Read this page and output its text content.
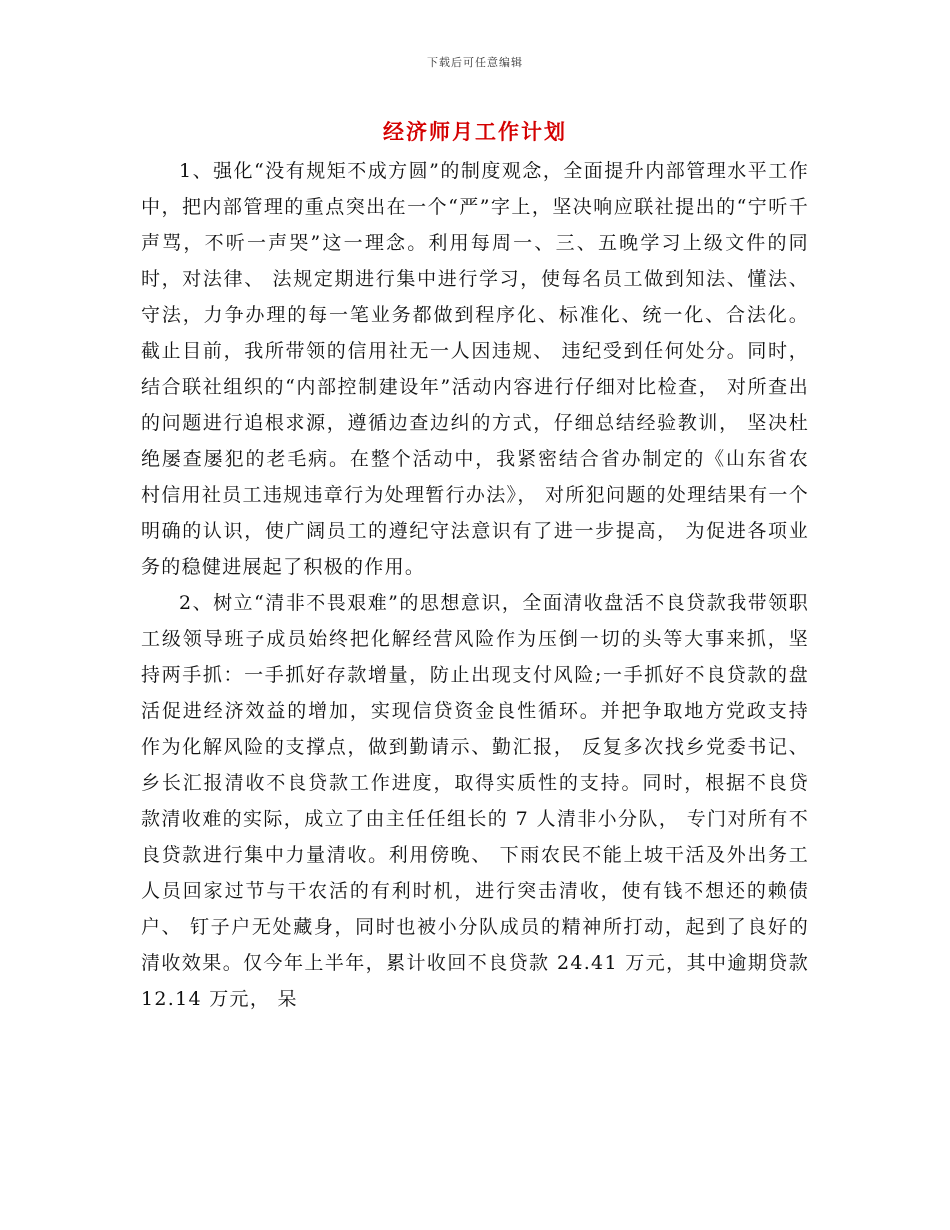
下载后可任意编辑
经济师月工作计划

1、强化“没有规矩不成方圆”的制度观念，全面提升内部管理水平工作中，把内部管理的重点突出在一个“严”字上，坚决响应联社提出的“宁听千声骂，不听一声哭”这一理念。利用每周一、三、五晚学习上级文件的同时，对法律、 法规定期进行集中进行学习，使每名员工做到知法、懂法、守法，力争办理的每一笔业务都做到程序化、标准化、统一化、合法化。截止目前，我所带领的信用社无一人因违规、 违纪受到任何处分。同时，结合联社组织的“内部控制建设年”活动内容进行仔细对比检查， 对所查出的问题进行追根求源，遵循边查边纠的方式，仔细总结经验教训， 坚决杜绝屡查屡犯的老毛病。在整个活动中，我紧密结合省办制定的《山东省农村信用社员工违规违章行为处理暂行办法》， 对所犯问题的处理结果有一个明确的认识，使广阔员工的遵纪守法意识有了进一步提高， 为促进各项业务的稳健进展起了积极的作用。

2、树立“清非不畏艰难”的思想意识，全面清收盘活不良贷款我带领职工级领导班子成员始终把化解经营风险作为压倒一切的头等大事来抓，坚持两手抓：一手抓好存款增量，防止出现支付风险;一手抓好不良贷款的盘活促进经济效益的增加，实现信贷资金良性循环。并把争取地方党政支持作为化解风险的支撑点，做到勤请示、勤汇报， 反复多次找乡党委书记、乡长汇报清收不良贷款工作进度，取得实质性的支持。同时，根据不良贷款清收难的实际，成立了由主任任组长的 7 人清非小分队， 专门对所有不良贷款进行集中力量清收。利用傍晚、 下雨农民不能上坡干活及外出务工人员回家过节与干农活的有利时机，进行突击清收，使有钱不想还的赖债户、 钉子户无处藏身，同时也被小分队成员的精神所打动，起到了良好的清收效果。仅今年上半年，累计收回不良贷款 24.41 万元，其中逾期贷款 12.14 万元， 呆
